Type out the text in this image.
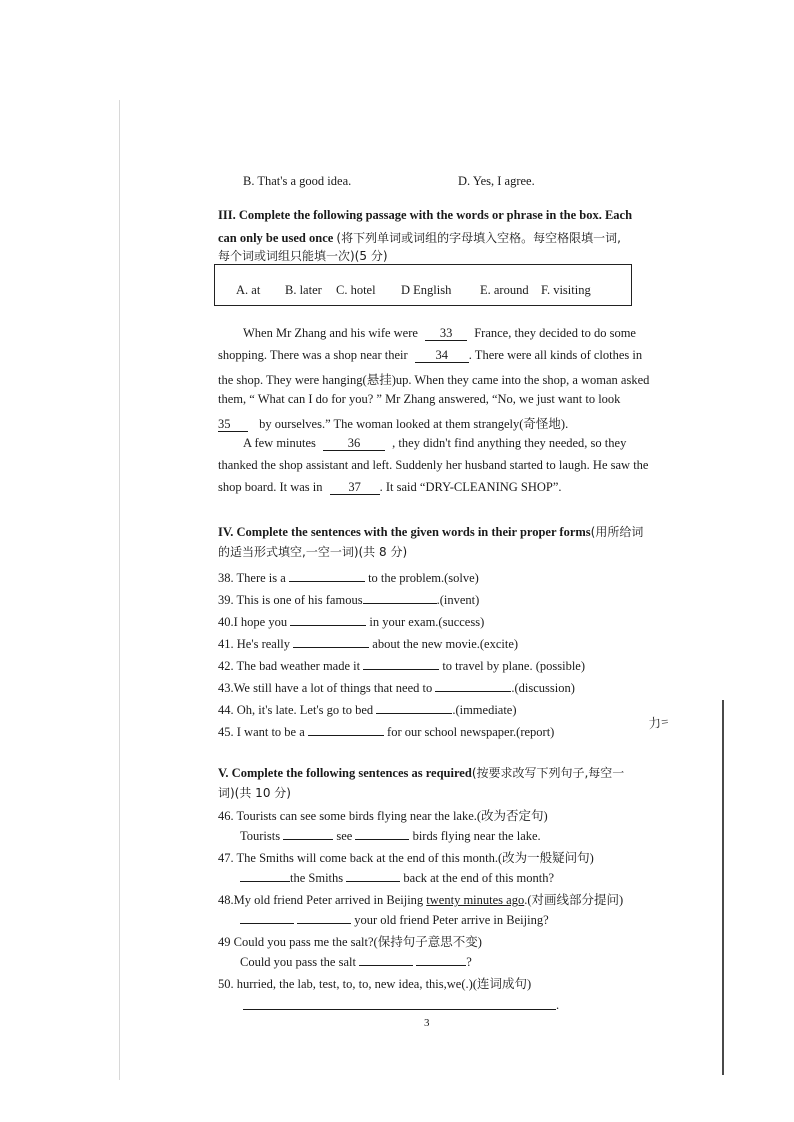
B. That's a good idea.	D. Yes, I agree.
III. Complete the following passage with the words or phrase in the box. Each
can only be used once (将下列单词或词组的字母填入空格。每空格限填一词,
每个词或词组只能填一次)(5 分)
A. at B. later C. hotel D English E. around F. visiting
When Mr Zhang and his wife were 33 France, they decided to do some
shopping. There was a shop near their 34 . There were all kinds of clothes in
the shop. They were hanging(悬挂)up. When they came into the shop, a woman asked
them, “ What can I do for you? ” Mr Zhang answered, “No, we just want to look
35 by ourselves.” The woman looked at them strangely(奇怪地).
A few minutes	36	, they didn't find anything they needed, so they
thanked the shop assistant and left. Suddenly her husband started to laugh. He saw the
shop board. It was in 37 . It said “DRY-CLEANING SHOP”.
IV. Complete the sentences with the given words in their proper forms(用所给词
的适当形式填空,一空一词)(共 8 分)
38. There is a	to the problem.(solve)
39. This is one of his famous	.(invent)
40.I hope you	in your exam.(success)
41. He's really	about the new movie.(excite)
42. The bad weather made it	to travel by plane. (possible)
43.We still have a lot of things that need to	.(discussion)
44. Oh, it's late. Let's go to bed	.(immediate)
45. I want to be a	for our school newspaper.(report)
力=
V. Complete the following sentences as required(按要求改写下列句子,每空一
词)(共 10 分)
46. Tourists can see some birds flying near the lake.(改为否定句)
Tourists	see	birds flying near the lake.
47. The Smiths will come back at the end of this month.(改为一般疑问句)
the Smiths	back at the end of this month?
48.My old friend Peter arrived in Beijing twenty minutes ago.(对画线部分提问)
your old friend Peter arrive in Beijing?
49 Could you pass me the salt?(保持句子意思不变)
Could you pass the salt	?
50. hurried, the lab, test, to, to, new idea, this,we(.)(连词成句)
.
3
